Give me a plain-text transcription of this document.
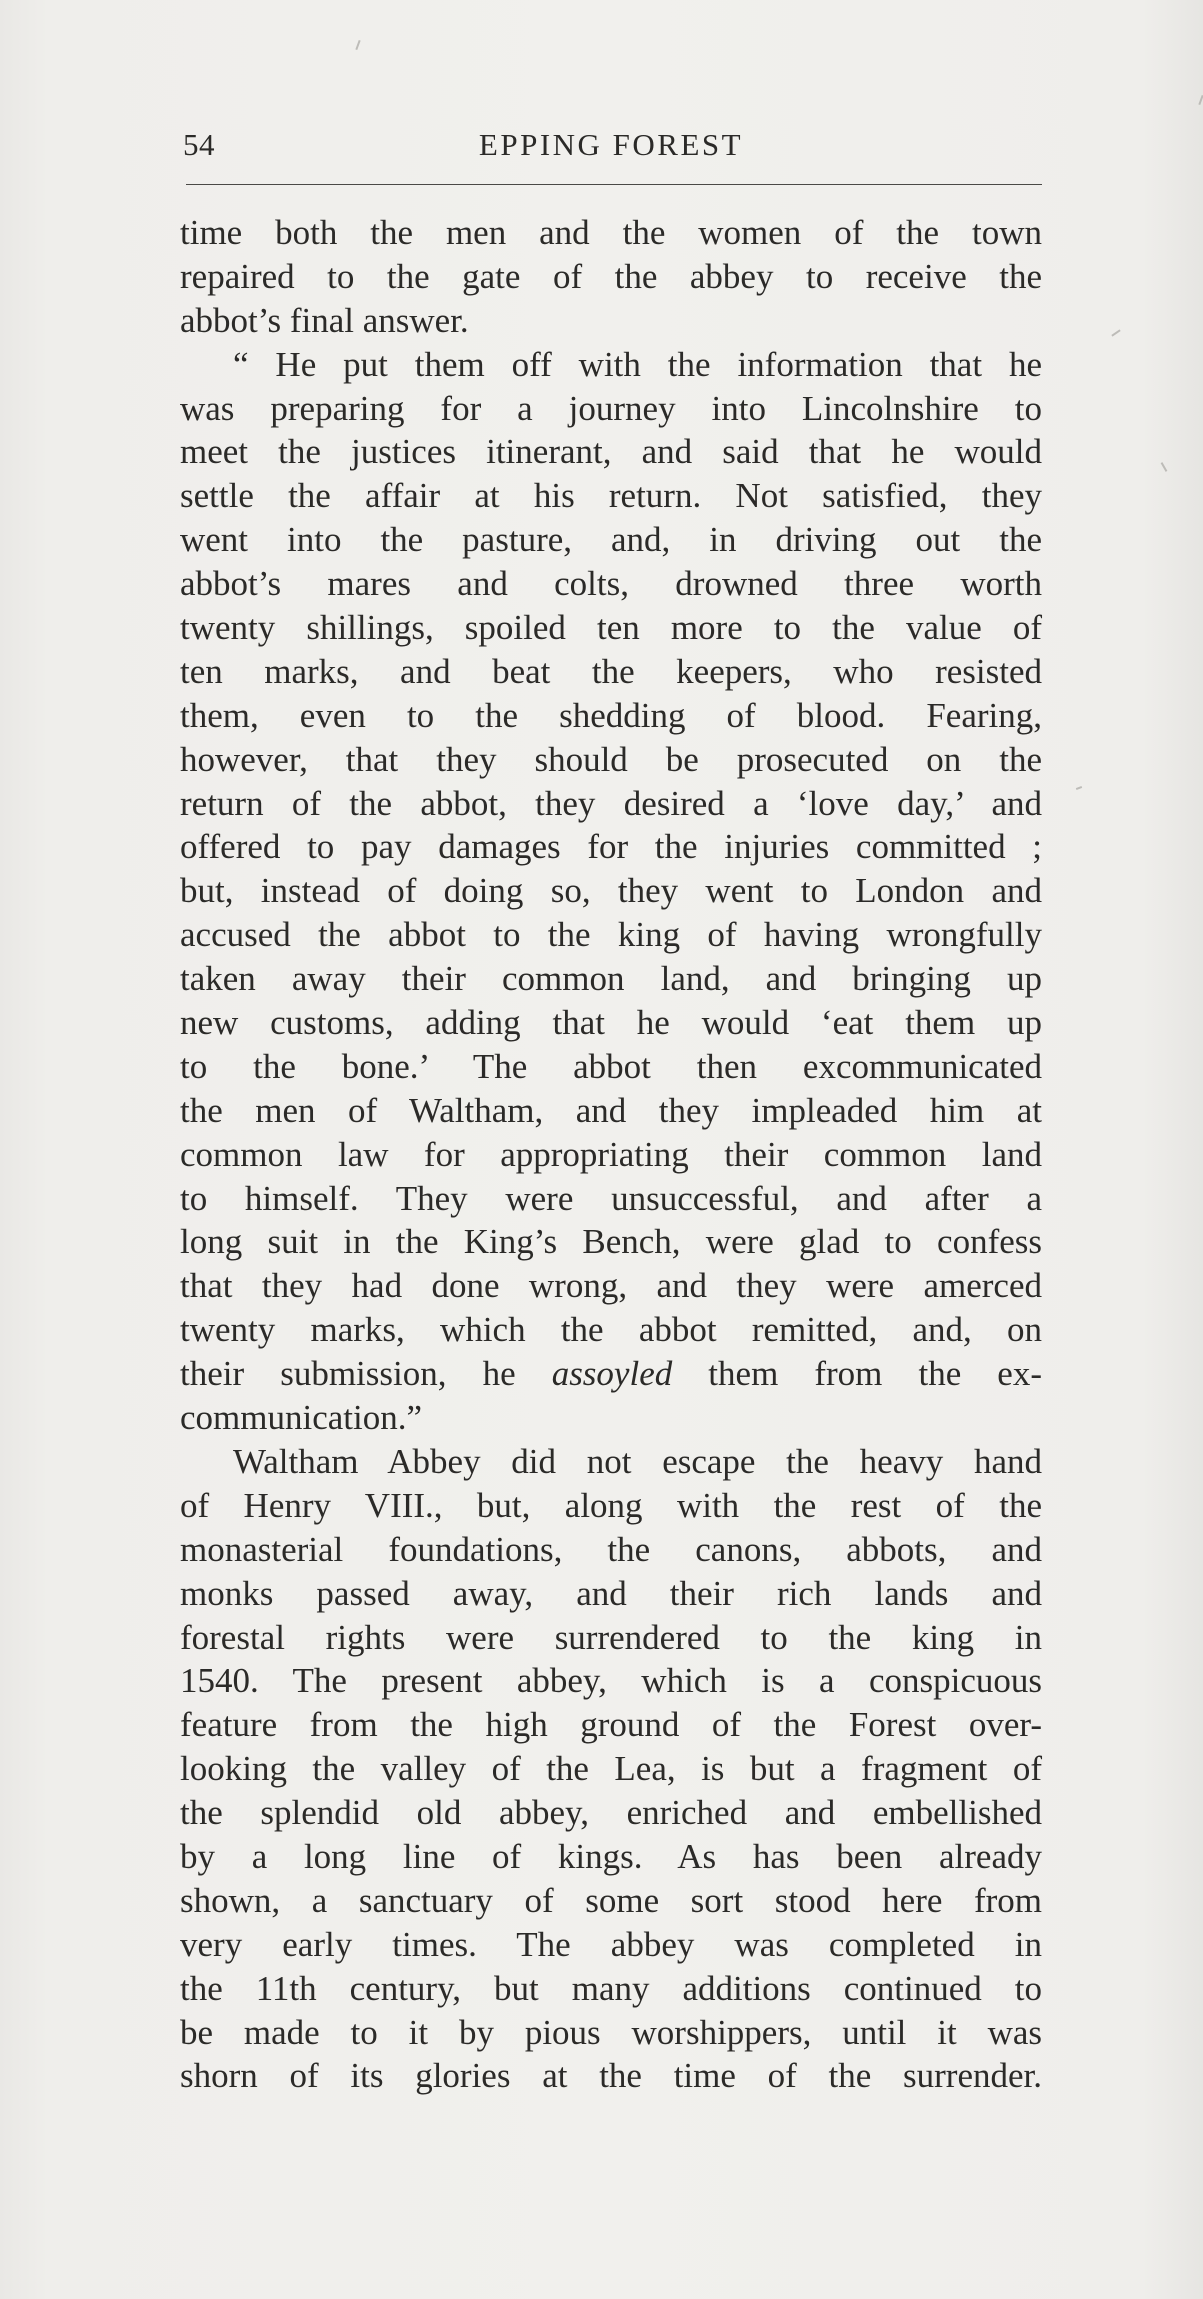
54	EPPING FOREST
time both the men and the women of the town
repaired to the gate of the abbey to receive the
abbot’s final answer.
“ He put them off with the information that he
was preparing for a journey into Lincolnshire to
meet the justices itinerant, and said that he would
settle the affair at his return. Not satisfied, they
went into the pasture, and, in driving out the
abbot’s mares and colts, drowned three worth
twenty shillings, spoiled ten more to the value of
ten marks, and beat the keepers, who resisted
them, even to the shedding of blood. Fearing,
however, that they should be prosecuted on the
return of the abbot, they desired a ‘love day,’ and
offered to pay damages for the injuries committed ;
but, instead of doing so, they went to London and
accused the abbot to the king of having wrongfully
taken away their common land, and bringing up
new customs, adding that he would ‘eat them up
to the bone.’ The abbot then excommunicated
the men of Waltham, and they impleaded him at
common law for appropriating their common land
to himself. They were unsuccessful, and after a
long suit in the King’s Bench, were glad to confess
that they had done wrong, and they were amerced
twenty marks, which the abbot remitted, and, on
their submission, he assoyled them from the ex-
communication.”
Waltham Abbey did not escape the heavy hand
of Henry VIII., but, along with the rest of the
monasterial foundations, the canons, abbots, and
monks passed away, and their rich lands and
forestal rights were surrendered to the king in
1540. The present abbey, which is a conspicuous
feature from the high ground of the Forest over-
looking the valley of the Lea, is but a fragment of
the splendid old abbey, enriched and embellished
by a long line of kings. As has been already
shown, a sanctuary of some sort stood here from
very early times. The abbey was completed in
the 11th century, but many additions continued to
be made to it by pious worshippers, until it was
shorn of its glories at the time of the surrender.
